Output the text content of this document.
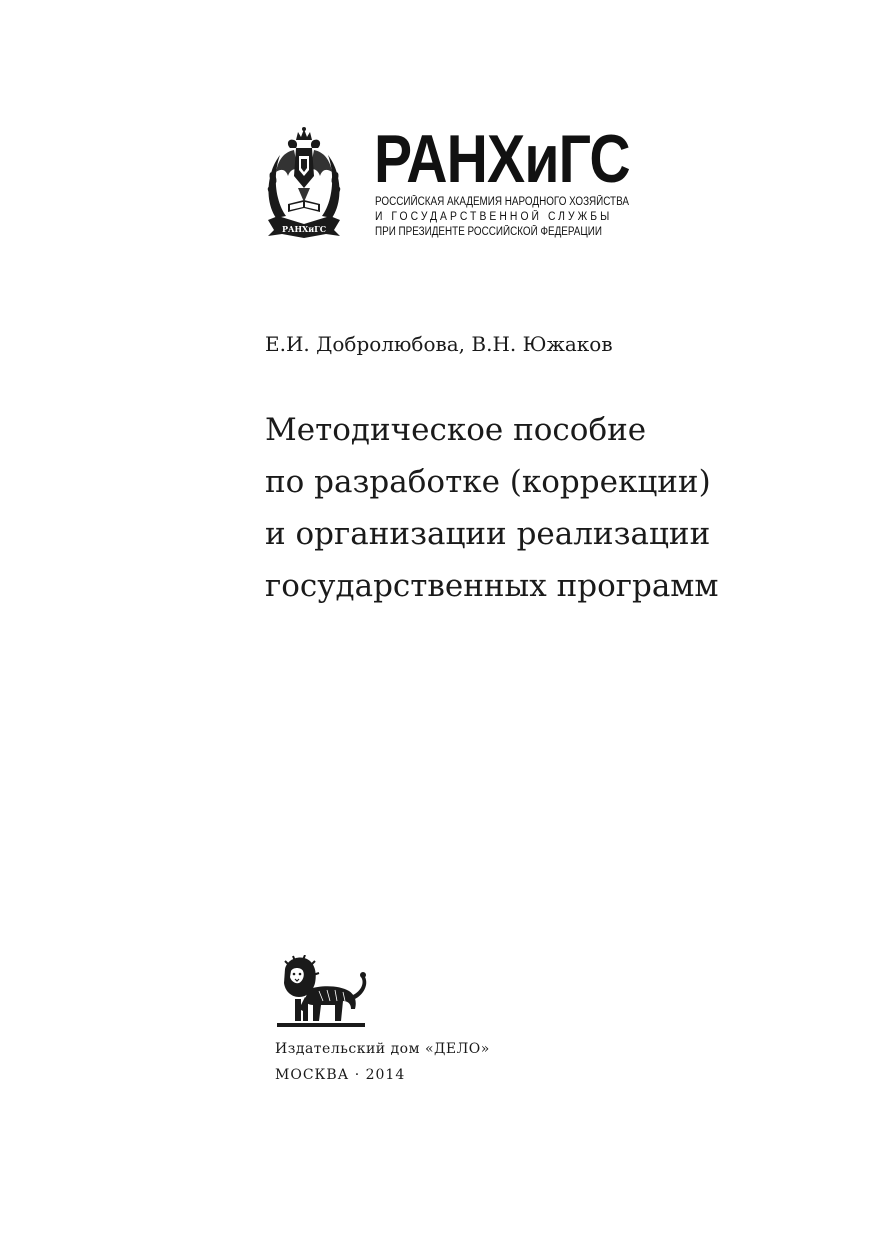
РАНХиГС
РАНХиГС
РОССИЙСКАЯ АКАДЕМИЯ НАРОДНОГО ХОЗЯЙСТВА
И ГОСУДАРСТВЕННОЙ СЛУЖБЫ
ПРИ ПРЕЗИДЕНТЕ РОССИЙСКОЙ ФЕДЕРАЦИИ
Е.И. Добролюбова, В.Н. Южаков
Методическое пособие
по разработке (коррекции)
и организации реализации
государственных программ
Издательский дом «ДЕЛО»
МОСКВА · 2014
